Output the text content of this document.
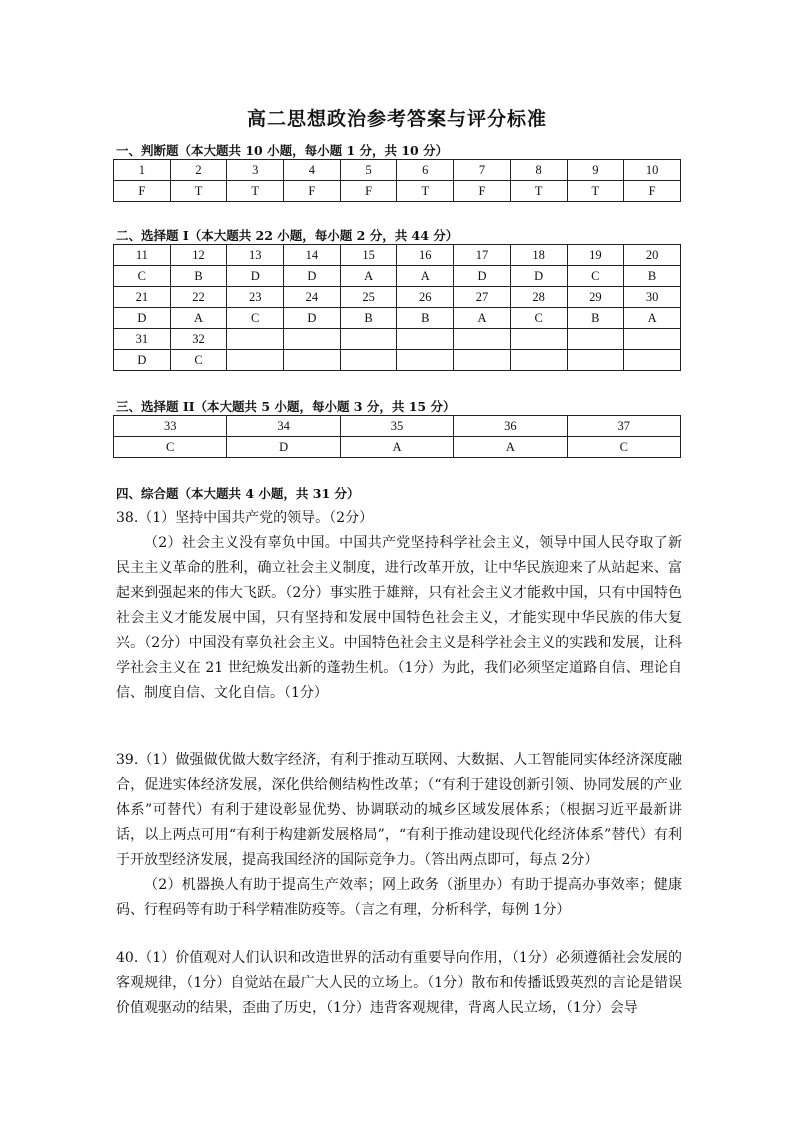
高二思想政治参考答案与评分标准
一、判断题（本大题共 10 小题，每小题 1 分，共 10 分）
1	2	3	4	5	6	7	8	9	10
F	T	T	F	F	T	F	T	T	F
二、选择题 I（本大题共 22 小题，每小题 2 分，共 44 分）
11	12	13	14	15	16	17	18	19	20
C	B	D	D	A	A	D	D	C	B
21	22	23	24	25	26	27	28	29	30
D	A	C	D	B	B	A	C	B	A
31	32								
D	C								
三、选择题 II（本大题共 5 小题，每小题 3 分，共 15 分）
33	34	35	36	37
C	D	A	A	C
四、综合题（本大题共 4 小题，共 31 分）

38.（1）坚持中国共产党的领导。（2分）

（2）社会主义没有辜负中国。中国共产党坚持科学社会主义，领导中国人民夺取了新民主主义革命的胜利，确立社会主义制度，进行改革开放，让中华民族迎来了从站起来、富起来到强起来的伟大飞跃。（2分）事实胜于雄辩，只有社会主义才能救中国，只有中国特色社会主义才能发展中国，只有坚持和发展中国特色社会主义，才能实现中华民族的伟大复兴。（2分）中国没有辜负社会主义。中国特色社会主义是科学社会主义的实践和发展，让科学社会主义在 21 世纪焕发出新的蓬勃生机。（1分）为此，我们必须坚定道路自信、理论自信、制度自信、文化自信。（1分）

39.（1）做强做优做大数字经济，有利于推动互联网、大数据、人工智能同实体经济深度融合，促进实体经济发展，深化供给侧结构性改革；（“有利于建设创新引领、协同发展的产业体系”可替代）有利于建设彰显优势、协调联动的城乡区域发展体系；（根据习近平最新讲话，以上两点可用“有利于构建新发展格局”，“有利于推动建设现代化经济体系”替代）有利于开放型经济发展，提高我国经济的国际竞争力。（答出两点即可，每点 2分）

（2）机器换人有助于提高生产效率；网上政务（浙里办）有助于提高办事效率；健康码、行程码等有助于科学精准防疫等。（言之有理，分析科学，每例 1分）

40.（1）价值观对人们认识和改造世界的活动有重要导向作用，（1分）必须遵循社会发展的客观规律，（1分）自觉站在最广大人民的立场上。（1分）散布和传播诋毁英烈的言论是错误价值观驱动的结果，歪曲了历史，（1分）违背客观规律，背离人民立场，（1分）会导
